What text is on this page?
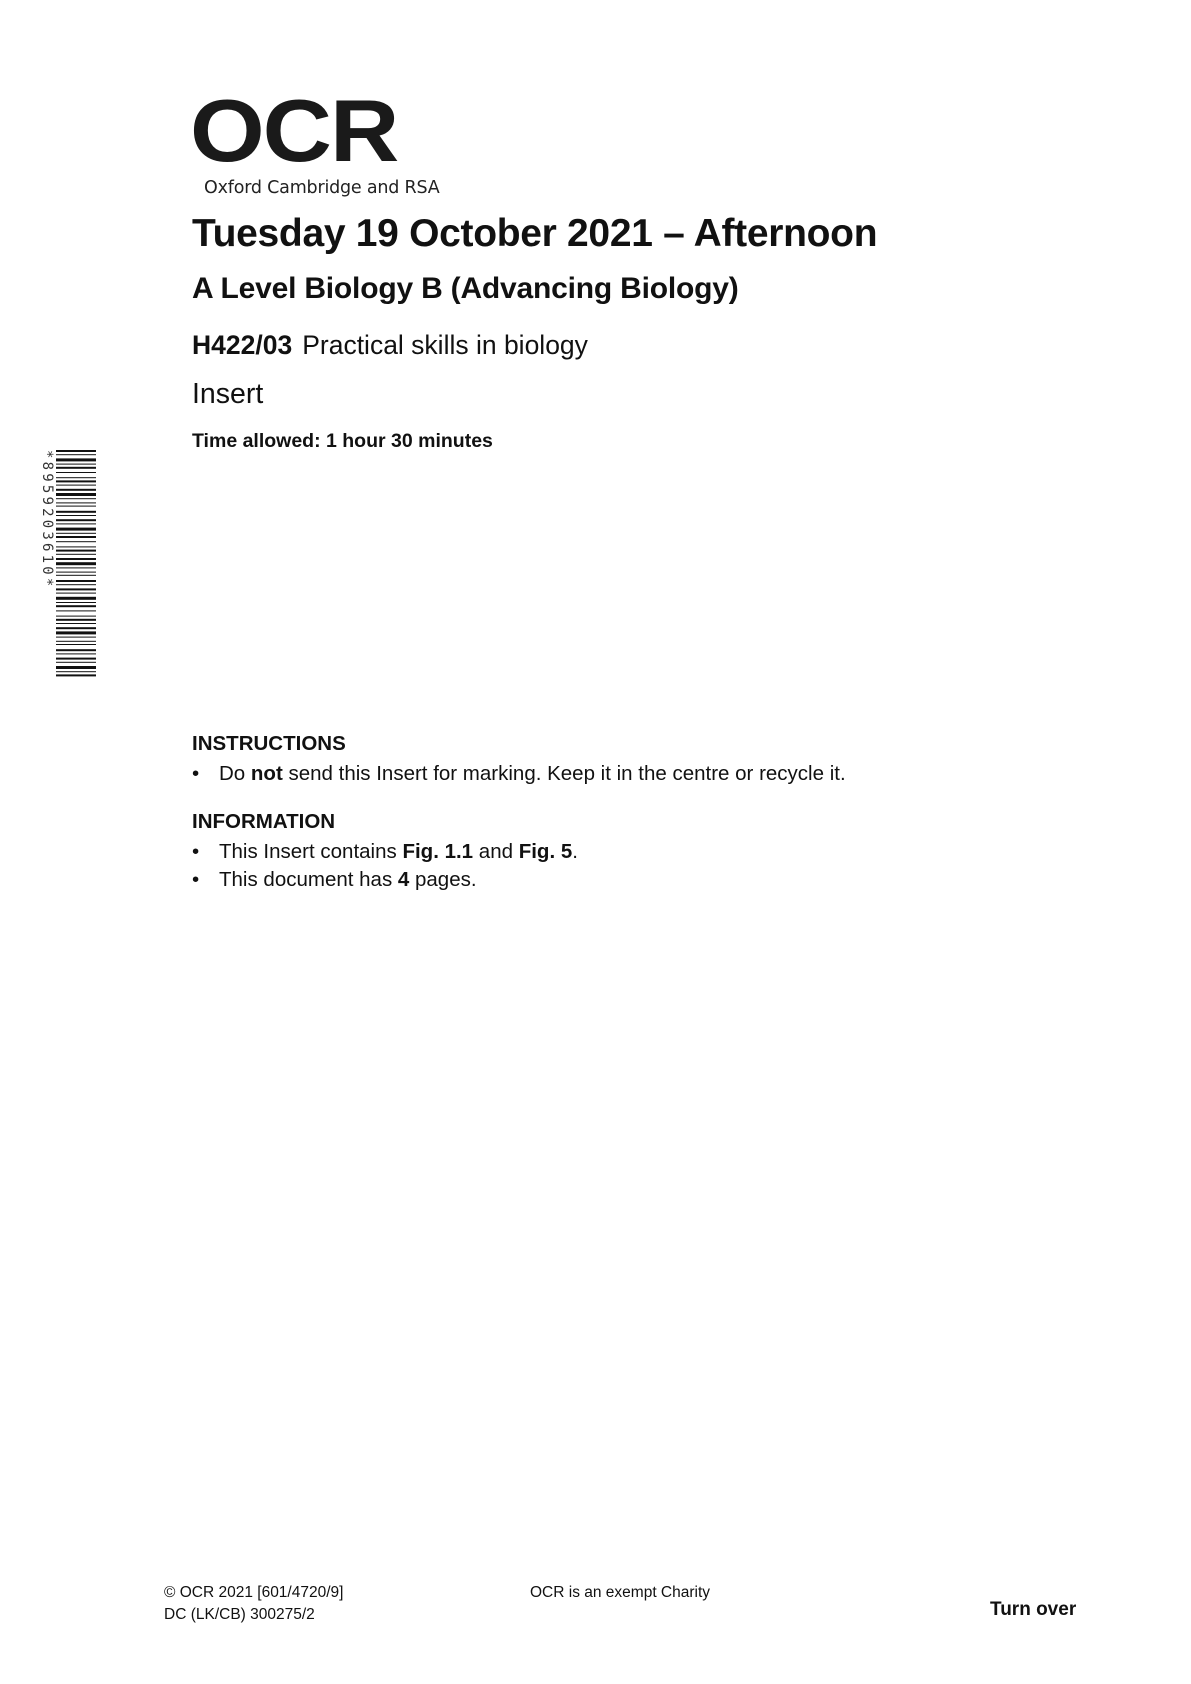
OCR
Oxford Cambridge and RSA
Tuesday 19 October 2021 – Afternoon
A Level Biology B (Advancing Biology)

H422/03 Practical skills in biology

Insert

Time allowed: 1 hour 30 minutes

*8959203610*
INSTRUCTIONS
• Do not send this Insert for marking. Keep it in the centre or recycle it.
INFORMATION
• This Insert contains Fig. 1.1 and Fig. 5.
• This document has 4 pages.
© OCR 2021 [601/4720/9]
DC (LK/CB) 300275/2
OCR is an exempt Charity
Turn over
